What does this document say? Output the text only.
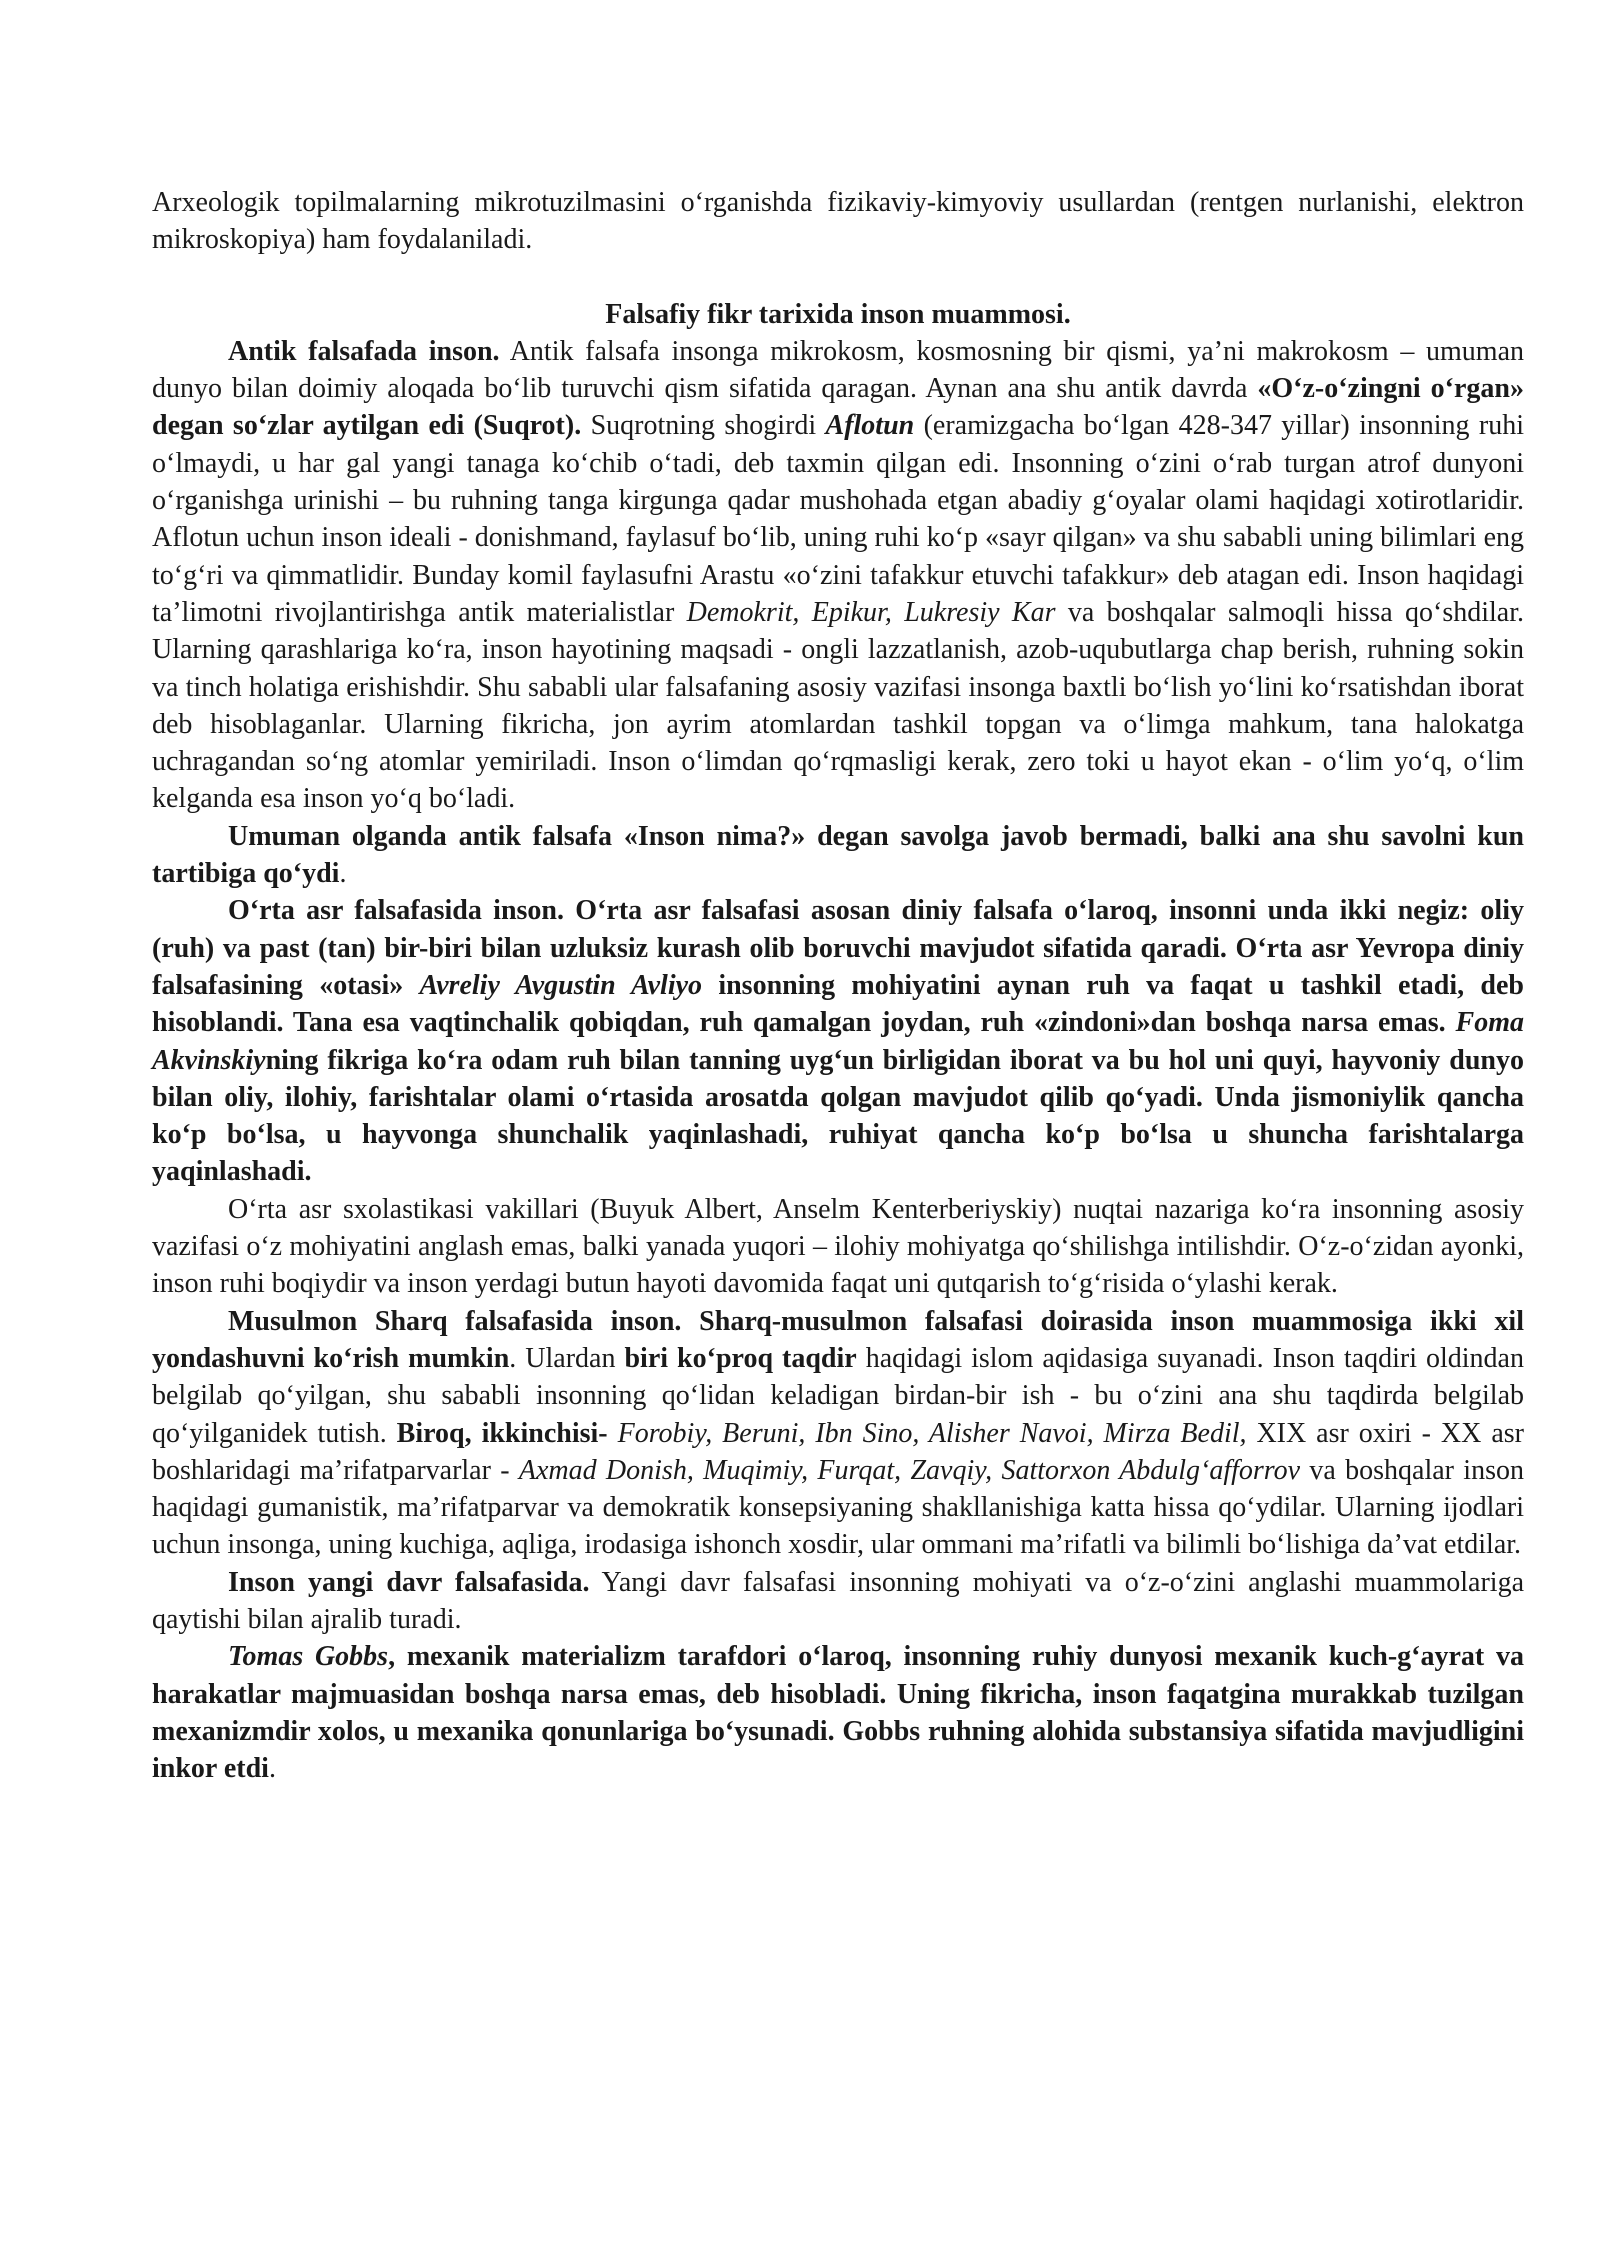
Arxeologik topilmalarning mikrotuzilmasini oʻrganishda fizikaviy-kimyoviy usullardan (rentgen nurlanishi, elektron mikroskopiya) ham foydalaniladi.

Falsafiy fikr tarixida inson muammosi.

Antik falsafada inson. Antik falsafa insonga mikrokosm, kosmosning bir qismi, ya’ni makrokosm – umuman dunyo bilan doimiy aloqada boʻlib turuvchi qism sifatida qaragan. Aynan ana shu antik davrda «Oʻz-oʻzingni oʻrgan» degan soʻzlar aytilgan edi (Suqrot). Suqrotning shogirdi Aflotun (eramizgacha boʻlgan 428-347 yillar) insonning ruhi oʻlmaydi, u har gal yangi tanaga koʻchib oʻtadi, deb taxmin qilgan edi. Insonning oʻzini oʻrab turgan atrof dunyoni oʻrganishga urinishi – bu ruhning tanga kirgunga qadar mushohada etgan abadiy gʻoyalar olami haqidagi xotirotlaridir. Aflotun uchun inson ideali - donishmand, faylasuf boʻlib, uning ruhi koʻp «sayr qilgan» va shu sababli uning bilimlari eng toʻgʻri va qimmatlidir. Bunday komil faylasufni Arastu «oʻzini tafakkur etuvchi tafakkur» deb atagan edi. Inson haqidagi ta’limotni rivojlantirishga antik materialistlar Demokrit, Epikur, Lukresiy Kar va boshqalar salmoqli hissa qoʻshdilar. Ularning qarashlariga koʻra, inson hayotining maqsadi - ongli lazzatlanish, azob-uqubutlarga chap berish, ruhning sokin va tinch holatiga erishishdir. Shu sababli ular falsafaning asosiy vazifasi insonga baxtli boʻlish yoʻlini koʻrsatishdan iborat deb hisoblaganlar. Ularning fikricha, jon ayrim atomlardan tashkil topgan va oʻlimga mahkum, tana halokatga uchragandan soʻng atomlar yemiriladi. Inson oʻlimdan qoʻrqmasligi kerak, zero toki u hayot ekan - oʻlim yoʻq, oʻlim kelganda esa inson yoʻq boʻladi.

Umuman olganda antik falsafa «Inson nima?» degan savolga javob bermadi, balki ana shu savolni kun tartibiga qoʻydi.

Oʻrta asr falsafasida inson. Oʻrta asr falsafasi asosan diniy falsafa oʻlaroq, insonni unda ikki negiz: oliy (ruh) va past (tan) bir-biri bilan uzluksiz kurash olib boruvchi mavjudot sifatida qaradi. Oʻrta asr Yevropa diniy falsafasining «otasi» Avreliy Avgustin Avliyo insonning mohiyatini aynan ruh va faqat u tashkil etadi, deb hisoblandi. Tana esa vaqtinchalik qobiqdan, ruh qamalgan joydan, ruh «zindoni»dan boshqa narsa emas. Foma Akvinskiyning fikriga koʻra odam ruh bilan tanning uygʻun birligidan iborat va bu hol uni quyi, hayvoniy dunyo bilan oliy, ilohiy, farishtalar olami oʻrtasida arosatda qolgan mavjudot qilib qoʻyadi. Unda jismoniylik qancha koʻp boʻlsa, u hayvonga shunchalik yaqinlashadi, ruhiyat qancha koʻp boʻlsa u shuncha farishtalarga yaqinlashadi.

Oʻrta asr sxolastikasi vakillari (Buyuk Albert, Anselm Kenterberiyskiy) nuqtai nazariga koʻra insonning asosiy vazifasi oʻz mohiyatini anglash emas, balki yanada yuqori – ilohiy mohiyatga qoʻshilishga intilishdir. Oʻz-oʻzidan ayonki, inson ruhi boqiydir va inson yerdagi butun hayoti davomida faqat uni qutqarish toʻgʻrisida oʻylashi kerak.

Musulmon Sharq falsafasida inson. Sharq-musulmon falsafasi doirasida inson muammosiga ikki xil yondashuvni koʻrish mumkin. Ulardan biri koʻproq taqdir haqidagi islom aqidasiga suyanadi. Inson taqdiri oldindan belgilab qoʻyilgan, shu sababli insonning qoʻlidan keladigan birdan-bir ish - bu oʻzini ana shu taqdirda belgilab qoʻyilganidek tutish. Biroq, ikkinchisi- Forobiy, Beruni, Ibn Sino, Alisher Navoi, Mirza Bedil, XIX asr oxiri - XX asr boshlaridagi ma’rifatparvarlar - Axmad Donish, Muqimiy, Furqat, Zavqiy, Sattorxon Abdulgʻafforrov va boshqalar inson haqidagi gumanistik, ma’rifatparvar va demokratik konsepsiyaning shakllanishiga katta hissa qoʻydilar. Ularning ijodlari uchun insonga, uning kuchiga, aqliga, irodasiga ishonch xosdir, ular ommani ma’rifatli va bilimli boʻlishiga da’vat etdilar.

Inson yangi davr falsafasida. Yangi davr falsafasi insonning mohiyati va oʻz-oʻzini anglashi muammolariga qaytishi bilan ajralib turadi.

Tomas Gobbs, mexanik materializm tarafdori oʻlaroq, insonning ruhiy dunyosi mexanik kuch-gʻayrat va harakatlar majmuasidan boshqa narsa emas, deb hisobladi. Uning fikricha, inson faqatgina murakkab tuzilgan mexanizmdir xolos, u mexanika qonunlariga boʻysunadi. Gobbs ruhning alohida substansiya sifatida mavjudligini inkor etdi.
